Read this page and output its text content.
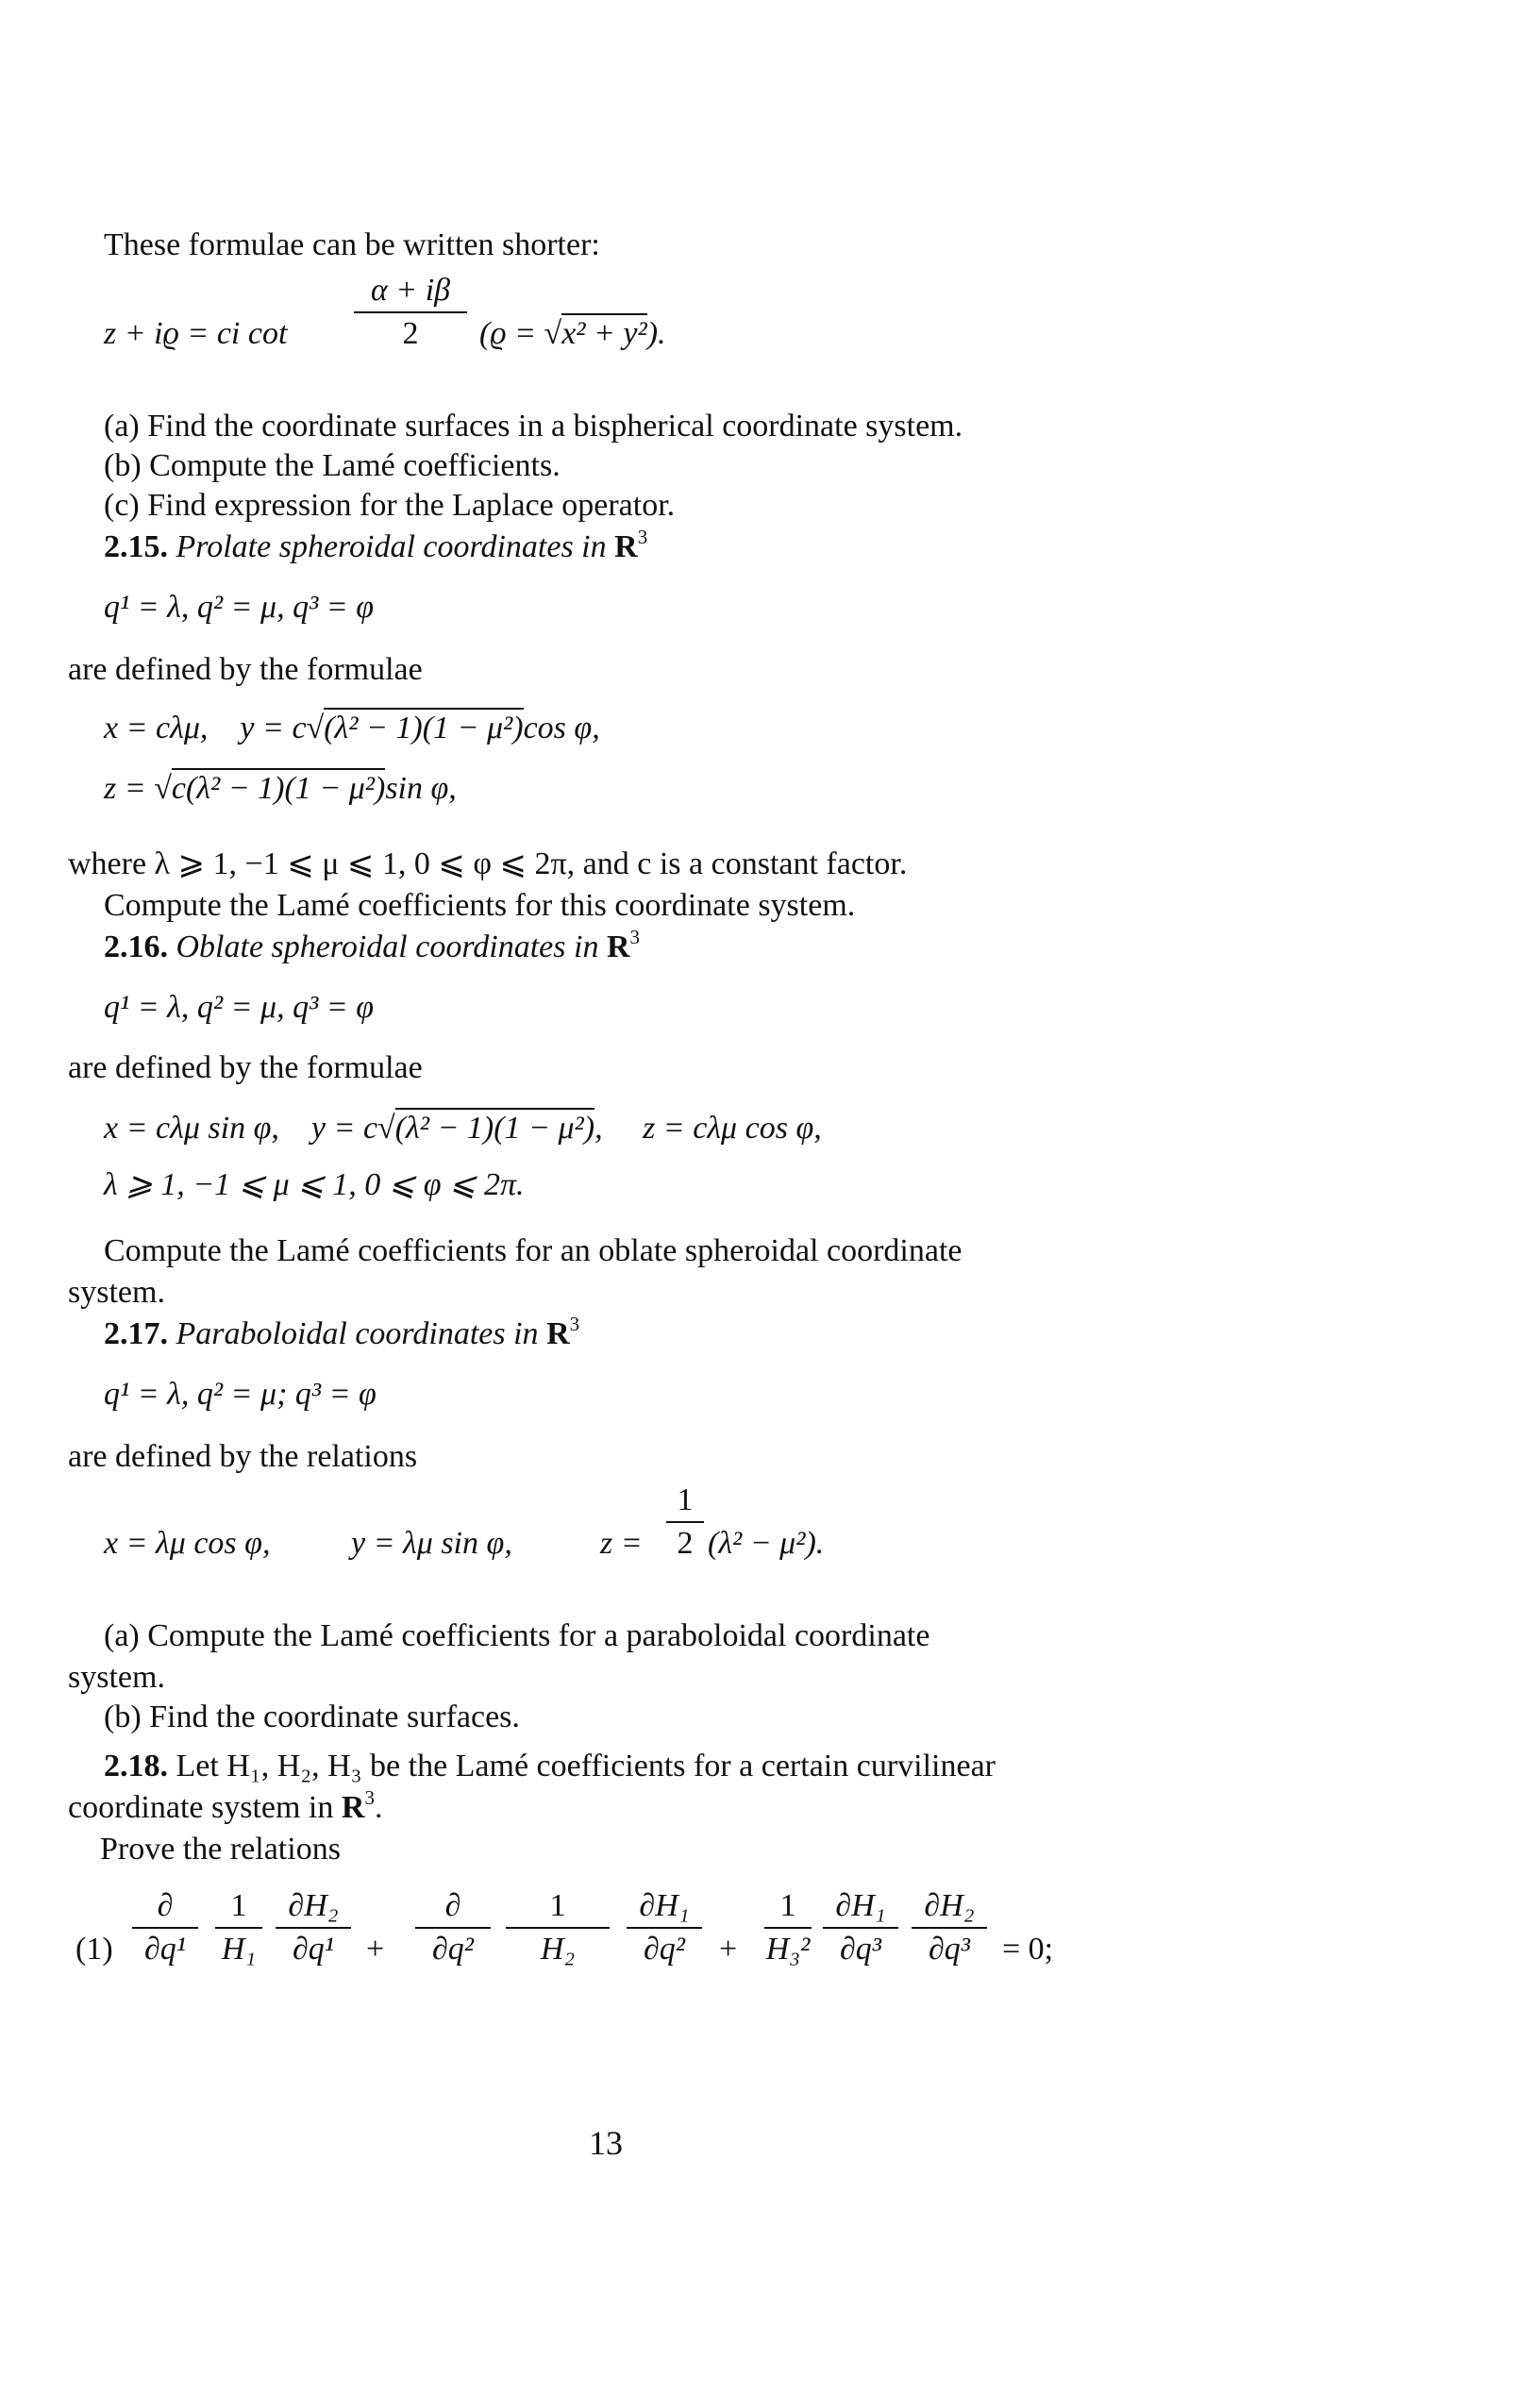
These formulae can be written shorter:
z + iϱ = ci cot
α + iβ
2	(ϱ = √x² + y²).
(a) Find the coordinate surfaces in a bispherical coordinate system.
(b) Compute the Lamé coefficients.
(c) Find expression for the Laplace operator.
2.15. Prolate spheroidal coordinates in $R^3$
q¹ = λ, q² = μ, q³ = φ
are defined by the formulae
x = cλμ, y = c√(λ² − 1)(1 − μ²)cos φ,
z = √c(λ² − 1)(1 − μ²)sin φ,
where λ ⩾ 1, −1 ⩽ μ ⩽ 1, 0 ⩽ φ ⩽ 2π, and c is a constant factor.
Compute the Lamé coefficients for this coordinate system.
2.16. Oblate spheroidal coordinates in $R^3$
q¹ = λ, q² = μ, q³ = φ
are defined by the formulae
x = cλμ sin φ, y = c√(λ² − 1)(1 − μ²), z = cλμ cos φ,
λ ⩾ 1, −1 ⩽ μ ⩽ 1, 0 ⩽ φ ⩽ 2π.
Compute the Lamé coefficients for an oblate spheroidal coordinate
system.
2.17. Paraboloidal coordinates in $R^3$
q¹ = λ, q² = μ; q³ = φ
are defined by the relations
x = λμ cos φ,	y = λμ sin φ,	z =
1
2 (λ² − μ²).
(a) Compute the Lamé coefficients for a paraboloidal coordinate
system.
(b) Find the coordinate surfaces.
2.18. Let H₁, H₂, H₃ be the Lamé coefficients for a certain curvilinear
coordinate system in $R^3$.
Prove the relations
(1)
∂
∂q¹
1
H₁
∂H₂
∂q¹	+
∂
∂q²
1
H₂
∂H₁
∂q²	+
1
H₃²
∂H₁
∂q³
∂H₂
∂q³	= 0;
13
